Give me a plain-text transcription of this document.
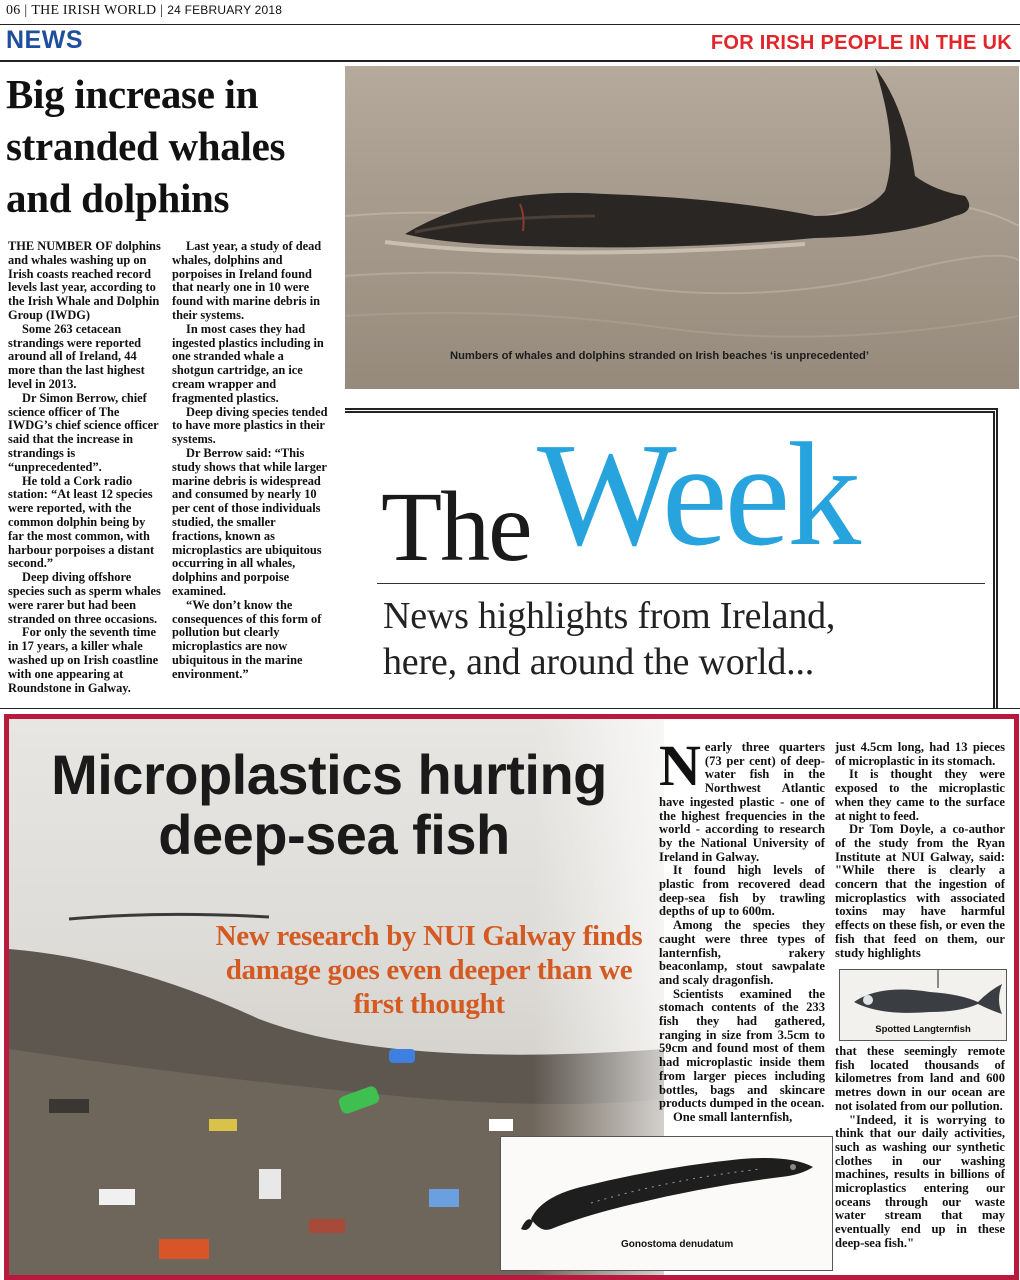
06 | THE IRISH WORLD | 24 FEBRUARY 2018
NEWS	FOR IRISH PEOPLE IN THE UK
Big increase in stranded whales and dolphins

THE NUMBER OF dolphins and whales washing up on Irish coasts reached record levels last year, according to the Irish Whale and Dolphin Group (IWDG)

Some 263 cetacean strandings were reported around all of Ireland, 44 more than the last highest level in 2013.

Dr Simon Berrow, chief science officer of The IWDG’s chief science officer said that the increase in strandings is “unprecedented”.

He told a Cork radio station: “At least 12 species were reported, with the common dolphin being by far the most common, with harbour porpoises a distant second.”

Deep diving offshore species such as sperm whales were rarer but had been stranded on three occasions.

For only the seventh time in 17 years, a killer whale washed up on Irish coastline with one appearing at Roundstone in Galway.

Last year, a study of dead whales, dolphins and porpoises in Ireland found that nearly one in 10 were found with marine debris in their systems.

In most cases they had ingested plastics including in one stranded whale a shotgun cartridge, an ice cream wrapper and fragmented plastics.

Deep diving species tended to have more plastics in their systems.

Dr Berrow said: “This study shows that while larger marine debris is widespread and consumed by nearly 10 per cent of those individuals studied, the smaller fractions, known as microplastics are ubiquitous occurring in all whales, dolphins and porpoise examined.

“We don’t know the consequences of this form of pollution but clearly microplastics are now ubiquitous in the marine environment.”

Numbers of whales and dolphins stranded on Irish beaches ‘is unprecedented’
The Week
News highlights from Ireland,
here, and around the world...
Microplastics hurting
deep-sea fish
New research by NUI Galway finds damage goes even deeper than we first thought

Nearly three quarters (73 per cent) of deep-water fish in the Northwest Atlantic have ingested plastic - one of the highest frequencies in the world - according to research by the National University of Ireland in Galway.

It found high levels of plastic from recovered dead deep-sea fish by trawling depths of up to 600m.

Among the species they caught were three types of lanternfish, rakery beaconlamp, stout sawpalate and scaly dragonfish.

Scientists examined the stomach contents of the 233 fish they had gathered, ranging in size from 3.5cm to 59cm and found most of them had microplastic inside them from larger pieces including bottles, bags and skincare products dumped in the ocean.

One small lanternfish,

just 4.5cm long, had 13 pieces of microplastic in its stomach.

It is thought they were exposed to the microplastic when they came to the surface at night to feed.

Dr Tom Doyle, a co-author of the study from the Ryan Institute at NUI Galway, said: "While there is clearly a concern that the ingestion of microplastics with associated toxins may have harmful effects on these fish, or even the fish that feed on them, our study highlights

Spotted Langternfish

that these seemingly remote fish located thousands of kilometres from land and 600 metres down in our ocean are not isolated from our pollution.

"Indeed, it is worrying to think that our daily activities, such as washing our synthetic clothes in our washing machines, results in billions of microplastics entering our oceans through our waste water stream that may eventually end up in these deep-sea fish."

Gonostoma denudatum
